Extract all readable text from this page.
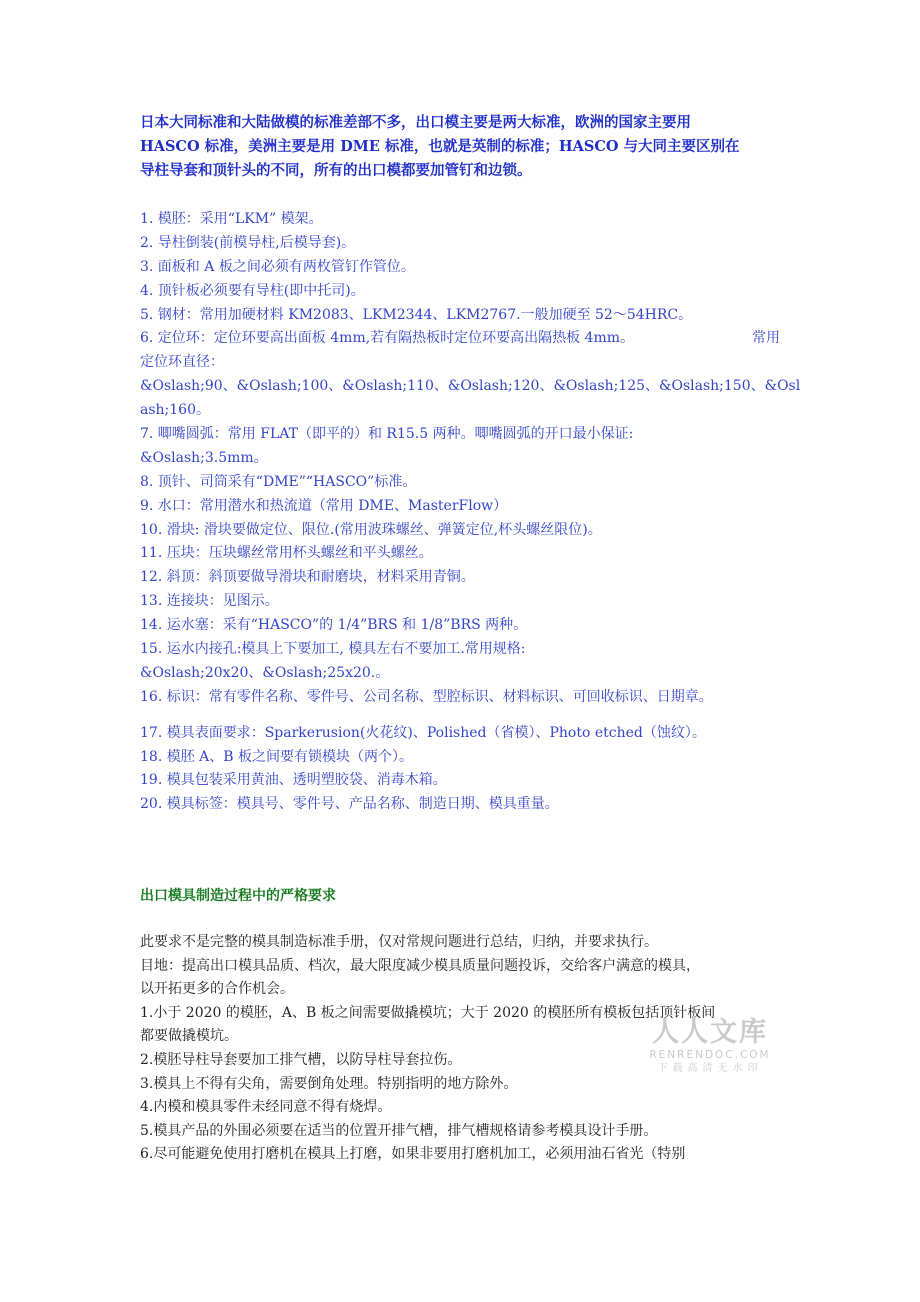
日本大同标准和大陆做模的标准差部不多，出口模主要是两大标准，欧洲的国家主要用
HASCO 标准，美洲主要是用 DME 标准，也就是英制的标准；HASCO 与大同主要区别在
导柱导套和顶针头的不同，所有的出口模都要加管钉和边锁。
1. 模胚：采用“LKM” 模架。
2. 导柱倒装(前模导柱,后模导套)。
3. 面板和 A 板之间必须有两枚管钉作管位。
4. 顶针板必须要有导柱(即中托司)。
5. 钢材：常用加硬材料 KM2083、LKM2344、LKM2767.一般加硬至 52～54HRC。
6. 定位环：定位环要高出面板 4mm,若有隔热板时定位环要高出隔热板 4mm。	常用
定位环直径：
&Oslash;90、&Oslash;100、&Oslash;110、&Oslash;120、&Oslash;125、&Oslash;150、&Osl
ash;160。
7. 唧嘴圆弧：常用 FLAT（即平的）和 R15.5 两种。唧嘴圆弧的开口最小保证:
&Oslash;3.5mm。
8. 顶针、司筒采有“DME”“HASCO”标准。
9. 水口：常用潜水和热流道（常用 DME、MasterFlow）
10. 滑块: 滑块要做定位、限位.(常用波珠螺丝、弹簧定位,杯头螺丝限位)。
11. 压块：压块螺丝常用杯头螺丝和平头螺丝。
12. 斜顶：斜顶要做导滑块和耐磨块，材料采用青铜。
13. 连接块：见图示。
14. 运水塞：采有“HASCO”的 1/4”BRS 和 1/8”BRS 两种。
15. 运水内接孔:模具上下要加工, 模具左右不要加工.常用规格:
&Oslash;20x20、&Oslash;25x20.。
16. 标识：常有零件名称、零件号、公司名称、型腔标识、材料标识、可回收标识、日期章。
17. 模具表面要求：Sparkerusion(火花纹)、Polished（省模）、Photo etched（蚀纹）。
18. 模胚 A、B 板之间要有锁模块（两个）。
19. 模具包装采用黄油、透明塑胶袋、消毒木箱。
20. 模具标签：模具号、零件号、产品名称、制造日期、模具重量。
出口模具制造过程中的严格要求
此要求不是完整的模具制造标准手册，仅对常规问题进行总结，归纳，并要求执行。
目地：提高出口模具品质、档次，最大限度减少模具质量问题投诉，交给客户满意的模具，
以开拓更多的合作机会。
1.小于 2020 的模胚，A、B 板之间需要做撬模坑；大于 2020 的模胚所有模板包括顶针板间
都要做撬模坑。
2.模胚导柱导套要加工排气槽，以防导柱导套拉伤。
3.模具上不得有尖角，需要倒角处理。特别指明的地方除外。
4.内模和模具零件未经同意不得有烧焊。
5.模具产品的外围必须要在适当的位置开排气槽，排气槽规格请参考模具设计手册。
6.尽可能避免使用打磨机在模具上打磨，如果非要用打磨机加工，必须用油石省光（特别
人人文库
RENRENDOC.COM
下载高清无水印
